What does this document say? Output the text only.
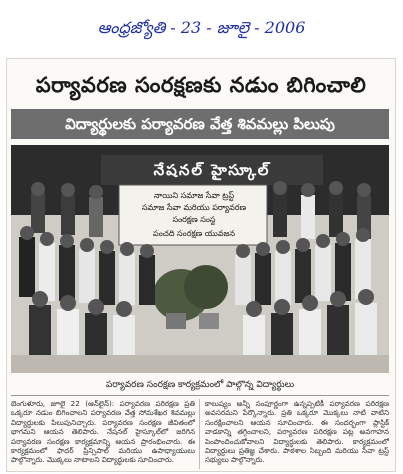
ఆంధ్రజ్యోతి - 23 - జూలై - 2006
పర్యావరణ సంరక్షణకు నడుం బిగించాలి
విద్యార్థులకు పర్యావరణ వేత్త శివమల్లు పిలుపు
నేషనల్ హైస్కూల్
నాయిని సమాజ సేవా ట్రస్ట్
సమాజ సేవా మరియు పర్యావరణ
సంరక్షణ సంస్థ
పంచది సంరక్షణ యువజన
పర్యావరణ సంరక్షణ కార్యక్రమంలో పాల్గొన్న విద్యార్థులు
బెంగుళూరు, జూలై 22 (ఆన్‌లైన్): పర్యావరణ పరిరక్షణ ప్రతి ఒక్కరూ నడుం బిగించాలని పర్యావరణ వేత్త సోమశేఖర శివమల్లు విద్యార్థులకు పిలుపునిచ్చారు. పర్యావరణ సంరక్షణ జీవితంలో భాగమని ఆయన తెలిపారు. నేషనల్ హైస్కూల్‌లో జరిగిన పర్యావరణ సంరక్షణ కార్యక్రమాన్ని ఆయన ప్రారంభించారు. ఈ కార్యక్రమంలో ఫాదర్ ప్రిన్సిపాల్ మరియు ఉపాధ్యాయులు పాల్గొన్నారు. మొక్కలు నాటాలని విద్యార్థులకు సూచించారు.
కాలుష్యం అన్నీ సంపూర్ణంగా ఉన్నప్పటికీ పర్యావరణ పరిరక్షణ అవసరమని పేర్కొన్నారు. ప్రతి ఒక్కరూ మొక్కలు నాటి వాటిని సంరక్షించాలని ఆయన సూచించారు. ఈ సందర్భంగా ప్లాస్టిక్ వాడకాన్ని తగ్గించాలని, పర్యావరణ పరిరక్షణ పట్ల అవగాహన పెంపొందించుకోవాలని విద్యార్థులకు తెలిపారు. కార్యక్రమంలో విద్యార్థులు ప్రతిజ్ఞ చేశారు. పాఠశాల సిబ్బంది మరియు సేవా ట్రస్ట్ సభ్యులు పాల్గొన్నారు.
